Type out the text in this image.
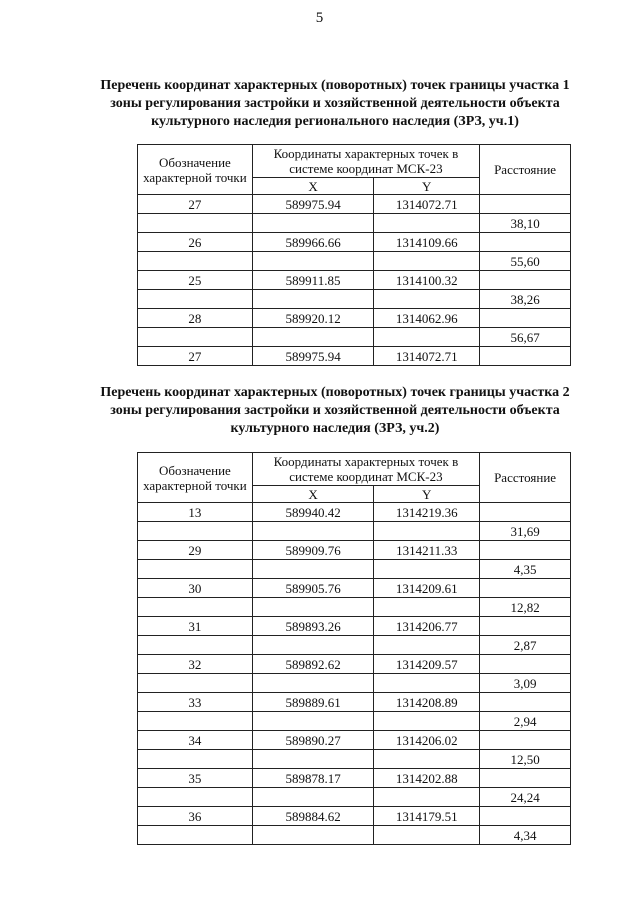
5
Перечень координат характерных (поворотных) точек границы участка 1
зоны регулирования застройки и хозяйственной деятельности объекта
культурного наследия регионального наследия (ЗРЗ, уч.1)
Обозначение характерной точки	Координаты характерных точек в системе координат МСК-23		Расстояние
	X	Y	
27	589975.94	1314072.71	
			38,10
26	589966.66	1314109.66	
			55,60
25	589911.85	1314100.32	
			38,26
28	589920.12	1314062.96	
			56,67
27	589975.94	1314072.71	
Перечень координат характерных (поворотных) точек границы участка 2
зоны регулирования застройки и хозяйственной деятельности объекта
культурного наследия (ЗРЗ, уч.2)
Обозначение характерной точки	Координаты характерных точек в системе координат МСК-23		Расстояние
	X	Y	
13	589940.42	1314219.36	
			31,69
29	589909.76	1314211.33	
			4,35
30	589905.76	1314209.61	
			12,82
31	589893.26	1314206.77	
			2,87
32	589892.62	1314209.57	
			3,09
33	589889.61	1314208.89	
			2,94
34	589890.27	1314206.02	
			12,50
35	589878.17	1314202.88	
			24,24
36	589884.62	1314179.51	
			4,34
